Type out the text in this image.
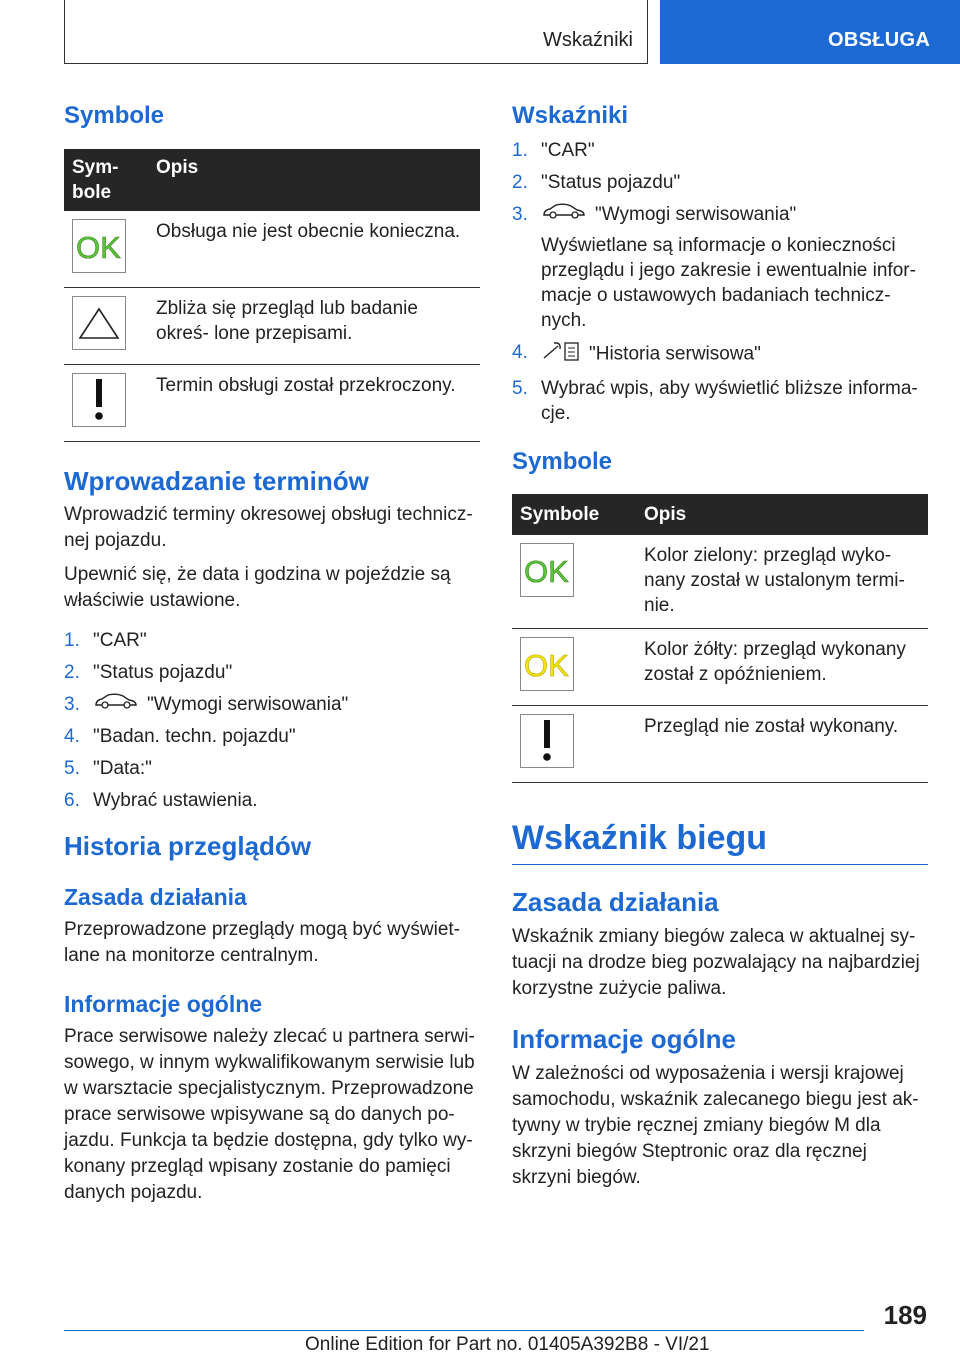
Wskaźniki	OBSŁUGA
Symbole
Sym‐
bole	Opis

OK	Obsługa nie jest obecnie konieczna.

	Zbliża się przegląd lub badanie okreś‐ lone przepisami.

	Termin obsługi został przekroczony.
Wprowadzanie terminów

Wprowadzić terminy okresowej obsługi technicz‐ nej pojazdu.

Upewnić się, że data i godzina w pojeździe są właściwie ustawione.

1. "CAR"
2. "Status pojazdu"
3.	"Wymogi serwisowania"
4. "Badan. techn. pojazdu"
5. "Data:"
6. Wybrać ustawienia.
Historia przeglądów
Zasada działania

Przeprowadzone przeglądy mogą być wyświet‐ lane na monitorze centralnym.

Informacje ogólne

Prace serwisowe należy zlecać u partnera serwi‐ sowego, w innym wykwalifikowanym serwisie lub w warsztacie specjalistycznym. Przeprowadzone prace serwisowe wpisywane są do danych po‐ jazdu. Funkcja ta będzie dostępna, gdy tylko wy‐ konany przegląd wpisany zostanie do pamięci danych pojazdu.

Wskaźniki
1. "CAR"
2. "Status pojazdu"
3.	"Wymogi serwisowania"
Wyświetlane są informacje o konieczności przeglądu i jego zakresie i ewentualnie infor‐ macje o ustawowych badaniach technicz‐ nych.
4.	"Historia serwisowa"
5. Wybrać wpis, aby wyświetlić bliższe informa‐ cje.
Symbole
Symbole	Opis

OK	Kolor zielony: przegląd wyko‐ nany został w ustalonym termi‐ nie.

OK	Kolor żółty: przegląd wykonany został z opóźnieniem.

	Przegląd nie został wykonany.
Wskaźnik biegu
Zasada działania

Wskaźnik zmiany biegów zaleca w aktualnej sy‐ tuacji na drodze bieg pozwalający na najbardziej korzystne zużycie paliwa.

Informacje ogólne

W zależności od wyposażenia i wersji krajowej samochodu, wskaźnik zalecanego biegu jest ak‐ tywny w trybie ręcznej zmiany biegów M dla skrzyni biegów Steptronic oraz dla ręcznej skrzyni biegów.

189
Online Edition for Part no. 01405A392B8 - VI/21
